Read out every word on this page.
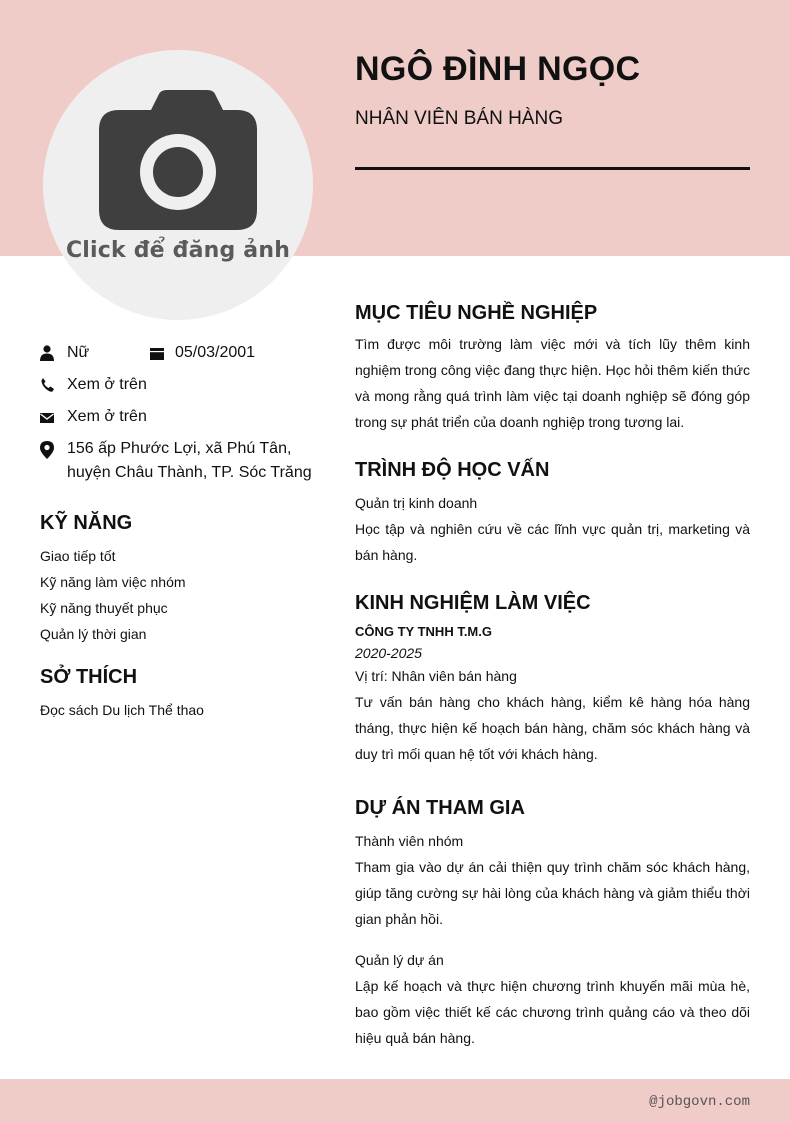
Click để đăng ảnh
NGÔ ĐÌNH NGỌC
NHÂN VIÊN BÁN HÀNG
Nữ	05/03/2001
Xem ở trên
Xem ở trên
156 ấp Phước Lợi, xã Phú Tân,
huyện Châu Thành, TP. Sóc Trăng
KỸ NĂNG
Giao tiếp tốt
Kỹ năng làm việc nhóm
Kỹ năng thuyết phục
Quản lý thời gian
SỞ THÍCH
Đọc sách Du lịch Thể thao
MỤC TIÊU NGHỀ NGHIỆP
Tìm được môi trường làm việc mới và tích lũy thêm kinh nghiệm trong công việc đang thực hiện. Học hỏi thêm kiến thức và mong rằng quá trình làm việc tại doanh nghiệp sẽ đóng góp trong sự phát triển của doanh nghiệp trong tương lai.
TRÌNH ĐỘ HỌC VẤN
Quản trị kinh doanh
Học tập và nghiên cứu về các lĩnh vực quản trị, marketing và bán hàng.
KINH NGHIỆM LÀM VIỆC
CÔNG TY TNHH T.M.G
2020-2025
Vị trí: Nhân viên bán hàng
Tư vấn bán hàng cho khách hàng, kiểm kê hàng hóa hàng tháng, thực hiện kế hoạch bán hàng, chăm sóc khách hàng và duy trì mối quan hệ tốt với khách hàng.
DỰ ÁN THAM GIA
Thành viên nhóm
Tham gia vào dự án cải thiện quy trình chăm sóc khách hàng, giúp tăng cường sự hài lòng của khách hàng và giảm thiểu thời gian phản hồi.
Quản lý dự án
Lập kế hoạch và thực hiện chương trình khuyến mãi mùa hè, bao gồm việc thiết kế các chương trình quảng cáo và theo dõi hiệu quả bán hàng.
@jobgovn.com
